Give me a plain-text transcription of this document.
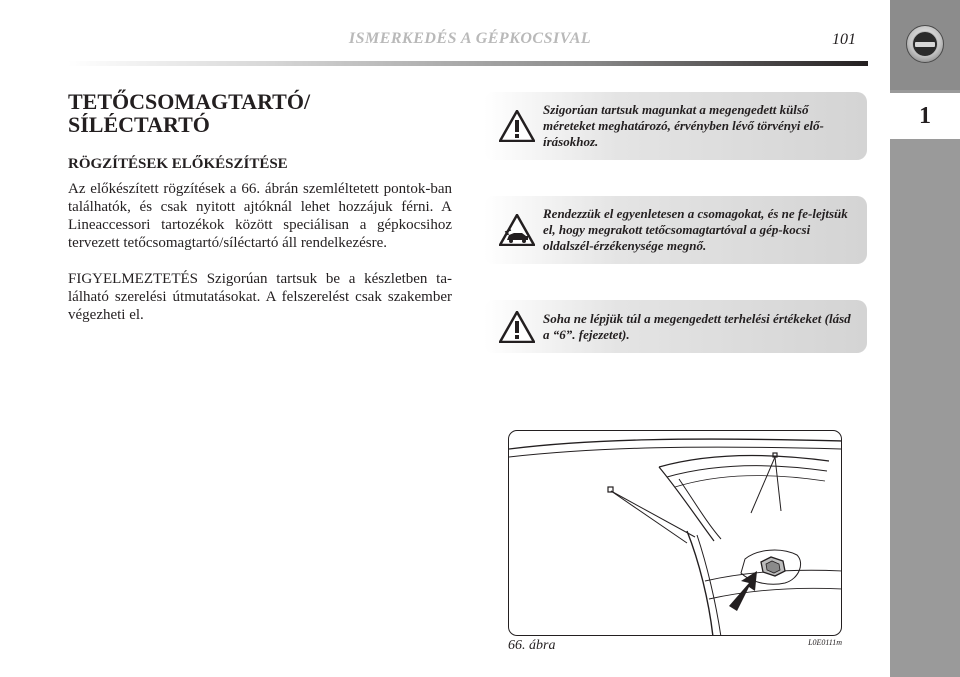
ISMERKEDÉS A GÉPKOCSIVAL	101
1
TETŐCSOMAGTARTÓ/
SÍLÉCTARTÓ
RÖGZÍTÉSEK ELŐKÉSZÍTÉSE

Az előkészített rögzítések a 66. ábrán szemléltetett pontok-ban találhatók, és csak nyitott ajtóknál lehet hozzájuk férni. A Lineaccessori tartozékok között speciálisan a gépkocsihoz tervezett tetőcsomagtartó/síléctartó áll rendelkezésre.

FIGYELMEZTETÉS Szigorúan tartsuk be a készletben ta-lálható szerelési útmutatásokat. A felszerelést csak szakember végezheti el.

Szigorúan tartsuk magunkat a megengedett külső méreteket meghatározó, érvényben lévő törvényi elő-írásokhoz.
Rendezzük el egyenletesen a csomagokat, és ne fe-lejtsük el, hogy megrakott tetőcsomagtartóval a gép-kocsi oldalszél-érzékenysége megnő.
Soha ne lépjük túl a megengedett terhelési értékeket (lásd a “6”. fejezetet).
66. ábra	L0E0111m
